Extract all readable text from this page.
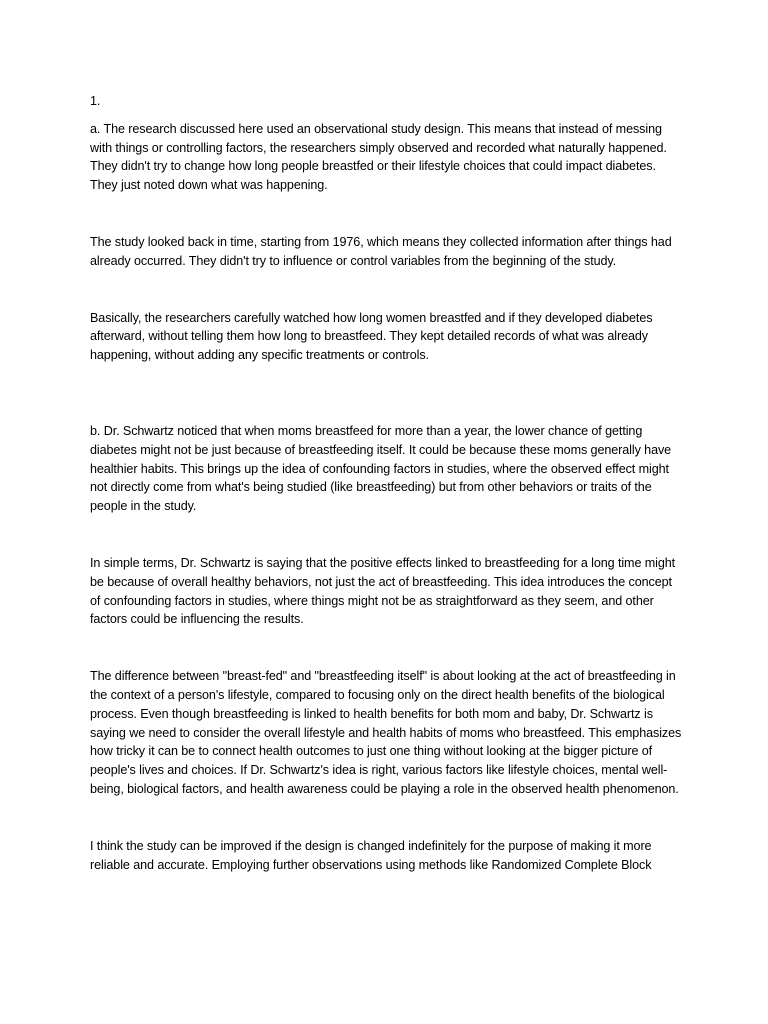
1.

a. The research discussed here used an observational study design. This means that instead of messing with things or controlling factors, the researchers simply observed and recorded what naturally happened. They didn't try to change how long people breastfed or their lifestyle choices that could impact diabetes. They just noted down what was happening.

The study looked back in time, starting from 1976, which means they collected information after things had already occurred. They didn't try to influence or control variables from the beginning of the study.

Basically, the researchers carefully watched how long women breastfed and if they developed diabetes afterward, without telling them how long to breastfeed. They kept detailed records of what was already happening, without adding any specific treatments or controls.

b. Dr. Schwartz noticed that when moms breastfeed for more than a year, the lower chance of getting diabetes might not be just because of breastfeeding itself. It could be because these moms generally have healthier habits. This brings up the idea of confounding factors in studies, where the observed effect might not directly come from what's being studied (like breastfeeding) but from other behaviors or traits of the people in the study.

In simple terms, Dr. Schwartz is saying that the positive effects linked to breastfeeding for a long time might be because of overall healthy behaviors, not just the act of breastfeeding. This idea introduces the concept of confounding factors in studies, where things might not be as straightforward as they seem, and other factors could be influencing the results.

The difference between "breast-fed" and "breastfeeding itself" is about looking at the act of breastfeeding in the context of a person's lifestyle, compared to focusing only on the direct health benefits of the biological process. Even though breastfeeding is linked to health benefits for both mom and baby, Dr. Schwartz is saying we need to consider the overall lifestyle and health habits of moms who breastfeed. This emphasizes how tricky it can be to connect health outcomes to just one thing without looking at the bigger picture of people's lives and choices. If Dr. Schwartz's idea is right, various factors like lifestyle choices, mental well-being, biological factors, and health awareness could be playing a role in the observed health phenomenon.

I think the study can be improved if the design is changed indefinitely for the purpose of making it more reliable and accurate. Employing further observations using methods like Randomized Complete Block
